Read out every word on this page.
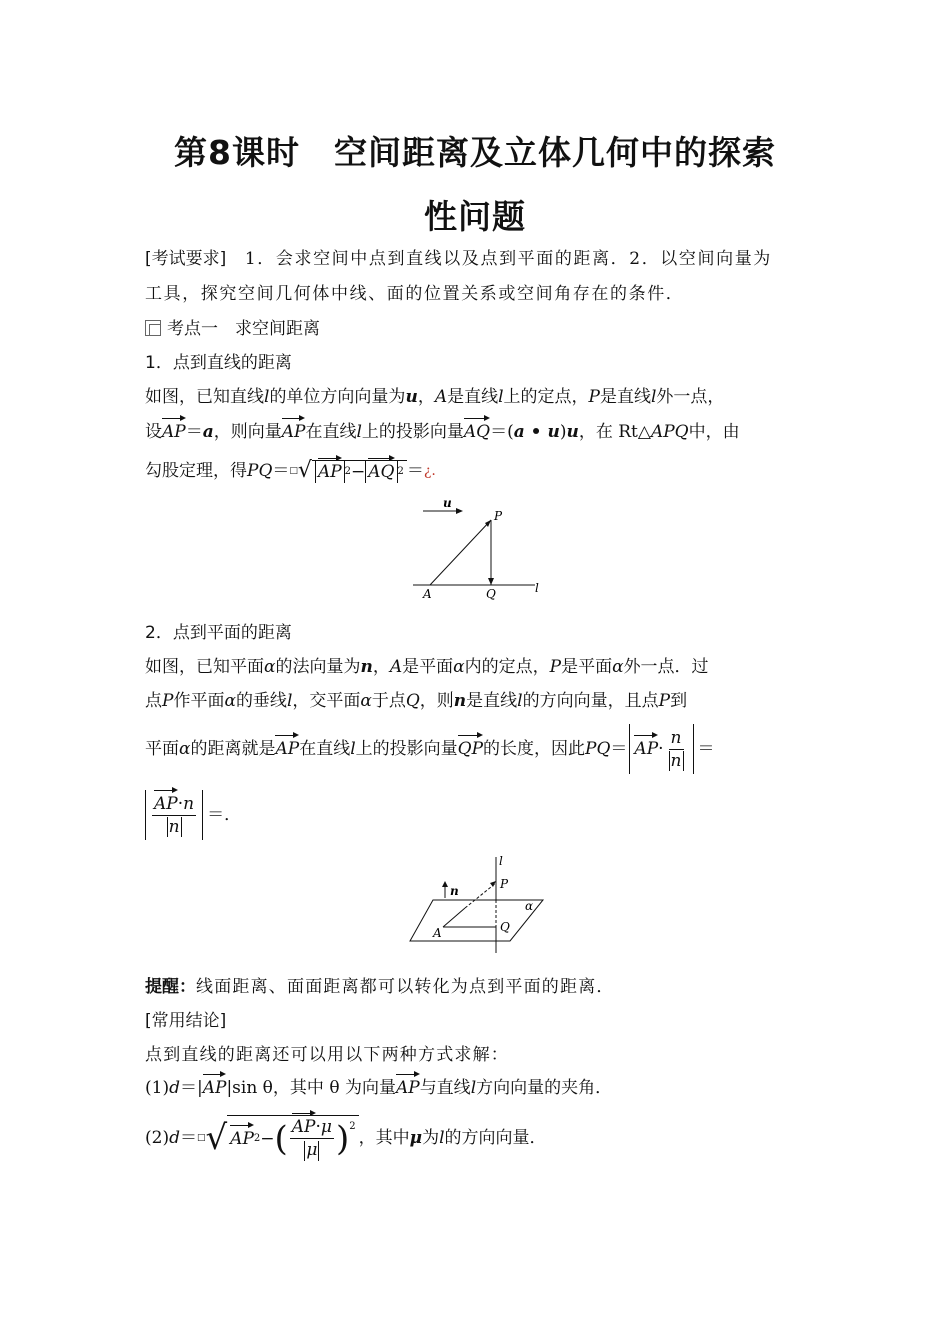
第8课时　空间距离及立体几何中的探索
性问题
[考试要求]　1．会求空间中点到直线以及点到平面的距离．2．以空间向量为
工具，探究空间几何体中线、面的位置关系或空间角存在的条件．
考点一　求空间距离
1．点到直线的距离
如图，已知直线l的单位方向向量为u，A是直线l上的定点，P是直线l外一点，
设AP＝a，则向量AP在直线l上的投影向量AQ＝(a • u)u，在 Rt△APQ中，由
勾股定理，得 PQ ＝ □ √ AP 2 − AQ 2 ＝ ¿.
u
P
A	Q	l
2．点到平面的距离
如图，已知平面α的法向量为n，A是平面α内的定点，P是平面α外一点．过
点P作平面α的垂线l，交平面α于点Q，则n是直线l的方向向量，且点P到
平面 α 的距离就是 AP 在直线 l 上的投影向量 QP 的长度，因此 PQ ＝ AP · $\frac{n}{n}$ ＝
$\frac{AP\cdot n}{n}$ ＝．
n
l
P
α
A	Q
提醒：线面距离、面面距离都可以转化为点到平面的距离．
[常用结论]
点到直线的距离还可以用以下两种方式求解：
(1)d＝|AP|sin θ，其中 θ 为向量AP与直线l方向向量的夹角．
(2) d ＝ □ √ AP 2 − ( $\frac{AP\cdot\mu}{\mu} )^2$
，其中 μ 为 l 的方向向量．
